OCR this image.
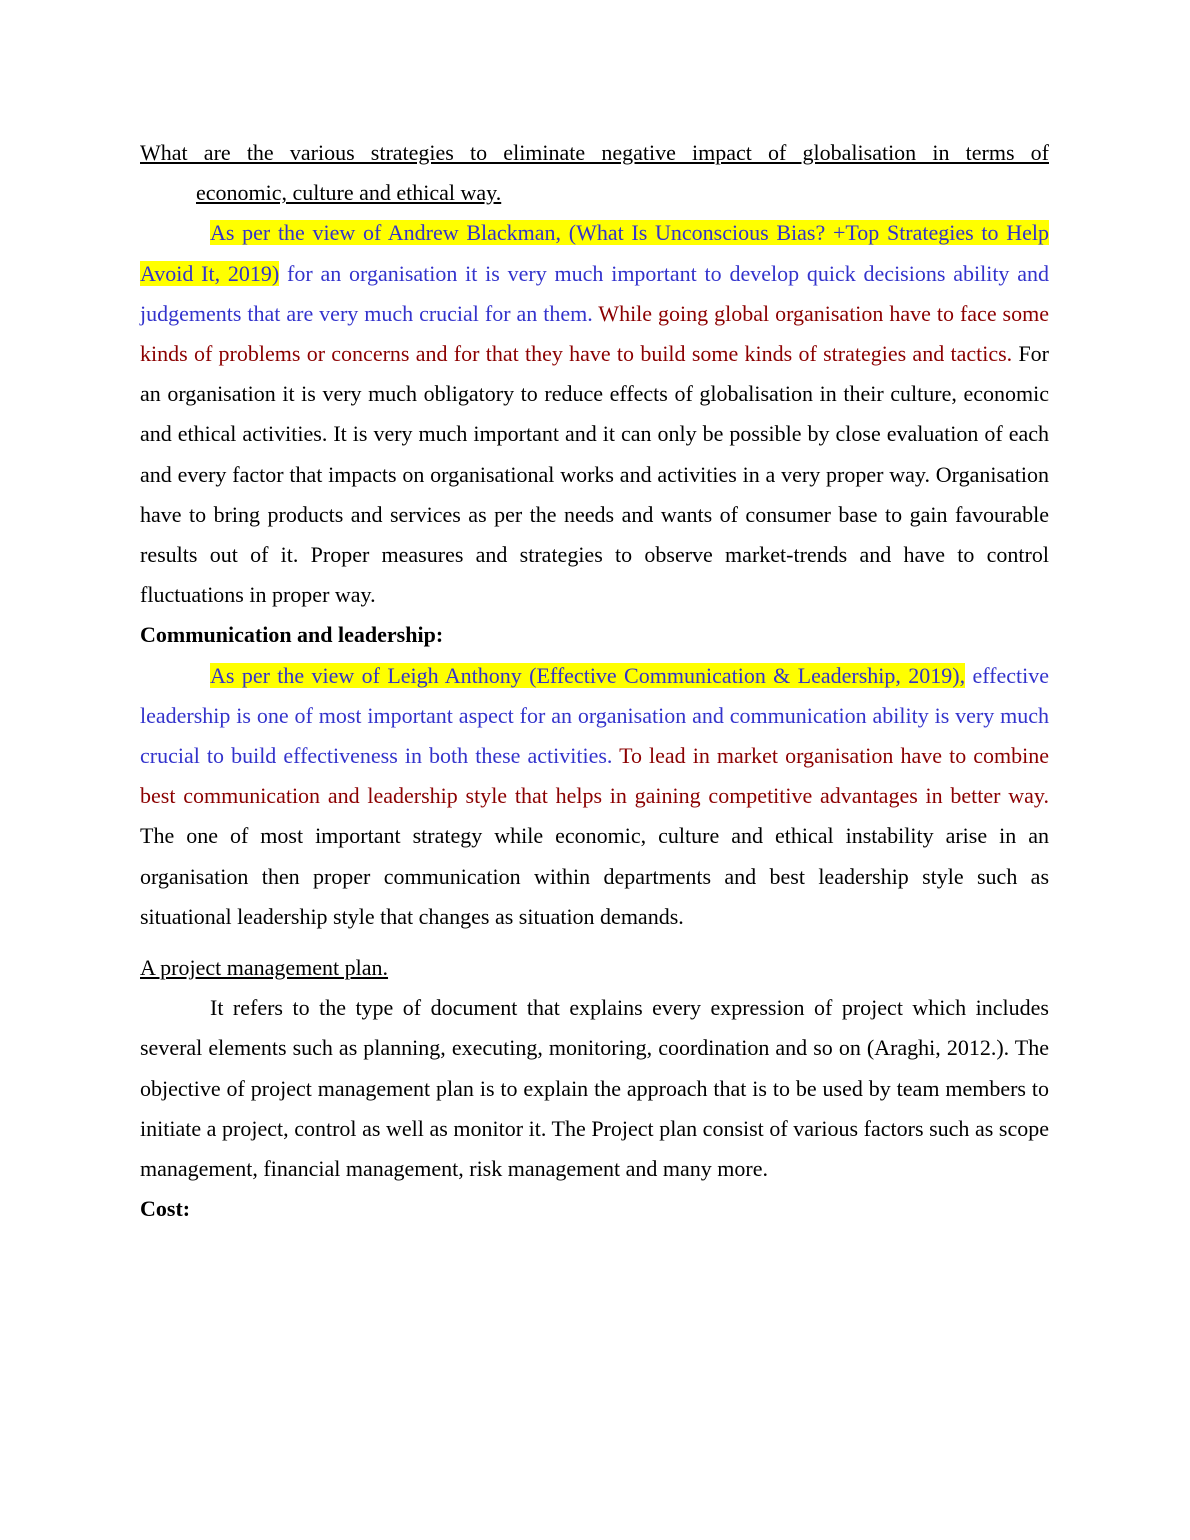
What are the various strategies to eliminate negative impact of globalisation in terms of

economic, culture and ethical way.

As per the view of Andrew Blackman, (What Is Unconscious Bias? +Top Strategies to Help Avoid It, 2019) for an organisation it is very much important to develop quick decisions ability and judgements that are very much crucial for an them. While going global organisation have to face some kinds of problems or concerns and for that they have to build some kinds of strategies and tactics. For an organisation it is very much obligatory to reduce effects of globalisation in their culture, economic and ethical activities. It is very much important and it can only be possible by close evaluation of each and every factor that impacts on organisational works and activities in a very proper way. Organisation have to bring products and services as per the needs and wants of consumer base to gain favourable results out of it. Proper measures and strategies to observe market-trends and have to control fluctuations in proper way.

Communication and leadership:

As per the view of Leigh Anthony (Effective Communication & Leadership, 2019), effective leadership is one of most important aspect for an organisation and communication ability is very much crucial to build effectiveness in both these activities. To lead in market organisation have to combine best communication and leadership style that helps in gaining competitive advantages in better way. The one of most important strategy while economic, culture and ethical instability arise in an organisation then proper communication within departments and best leadership style such as situational leadership style that changes as situation demands.

A project management plan.

It refers to the type of document that explains every expression of project which includes several elements such as planning, executing, monitoring, coordination and so on (Araghi, 2012.). The objective of project management plan is to explain the approach that is to be used by team members to initiate a project, control as well as monitor it. The Project plan consist of various factors such as scope management, financial management, risk management and many more.

Cost:
